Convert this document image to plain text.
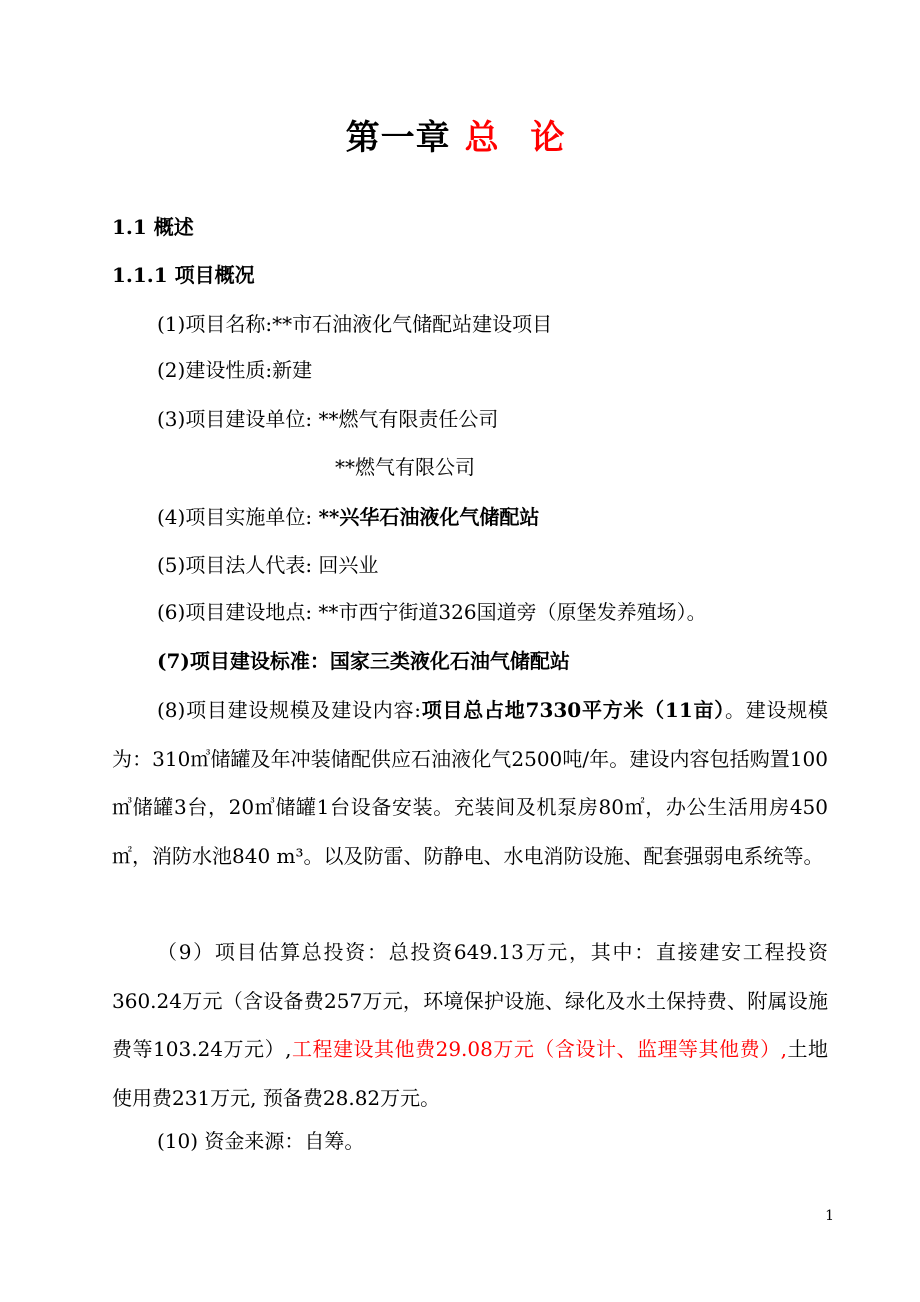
第一章 总 论
1.1 概述
1.1.1 项目概况
(1)项目名称:**市石油液化气储配站建设项目
(2)建设性质:新建
(3)项目建设单位: **燃气有限责任公司
**燃气有限公司
(4)项目实施单位: **兴华石油液化气储配站
(5)项目法人代表: 回兴业
(6)项目建设地点: **市西宁街道326国道旁（原堡发养殖场）。
(7)项目建设标准：国家三类液化石油气储配站
(8)项目建设规模及建设内容:项目总占地7330平方米（11亩）。建设规模为：310㎥储罐及年冲装储配供应石油液化气2500吨/年。建设内容包括购置100㎥储罐3台，20㎥储罐1台设备安装。充装间及机泵房80㎡，办公生活用房450㎡，消防水池840 m³。以及防雷、防静电、水电消防设施、配套强弱电系统等。
（9）项目估算总投资：总投资649.13万元，其中：直接建安工程投资360.24万元（含设备费257万元，环境保护设施、绿化及水土保持费、附属设施费等103.24万元）,工程建设其他费29.08万元（含设计、监理等其他费）,土地使用费231万元, 预备费28.82万元。
(10) 资金来源：自筹。
1
